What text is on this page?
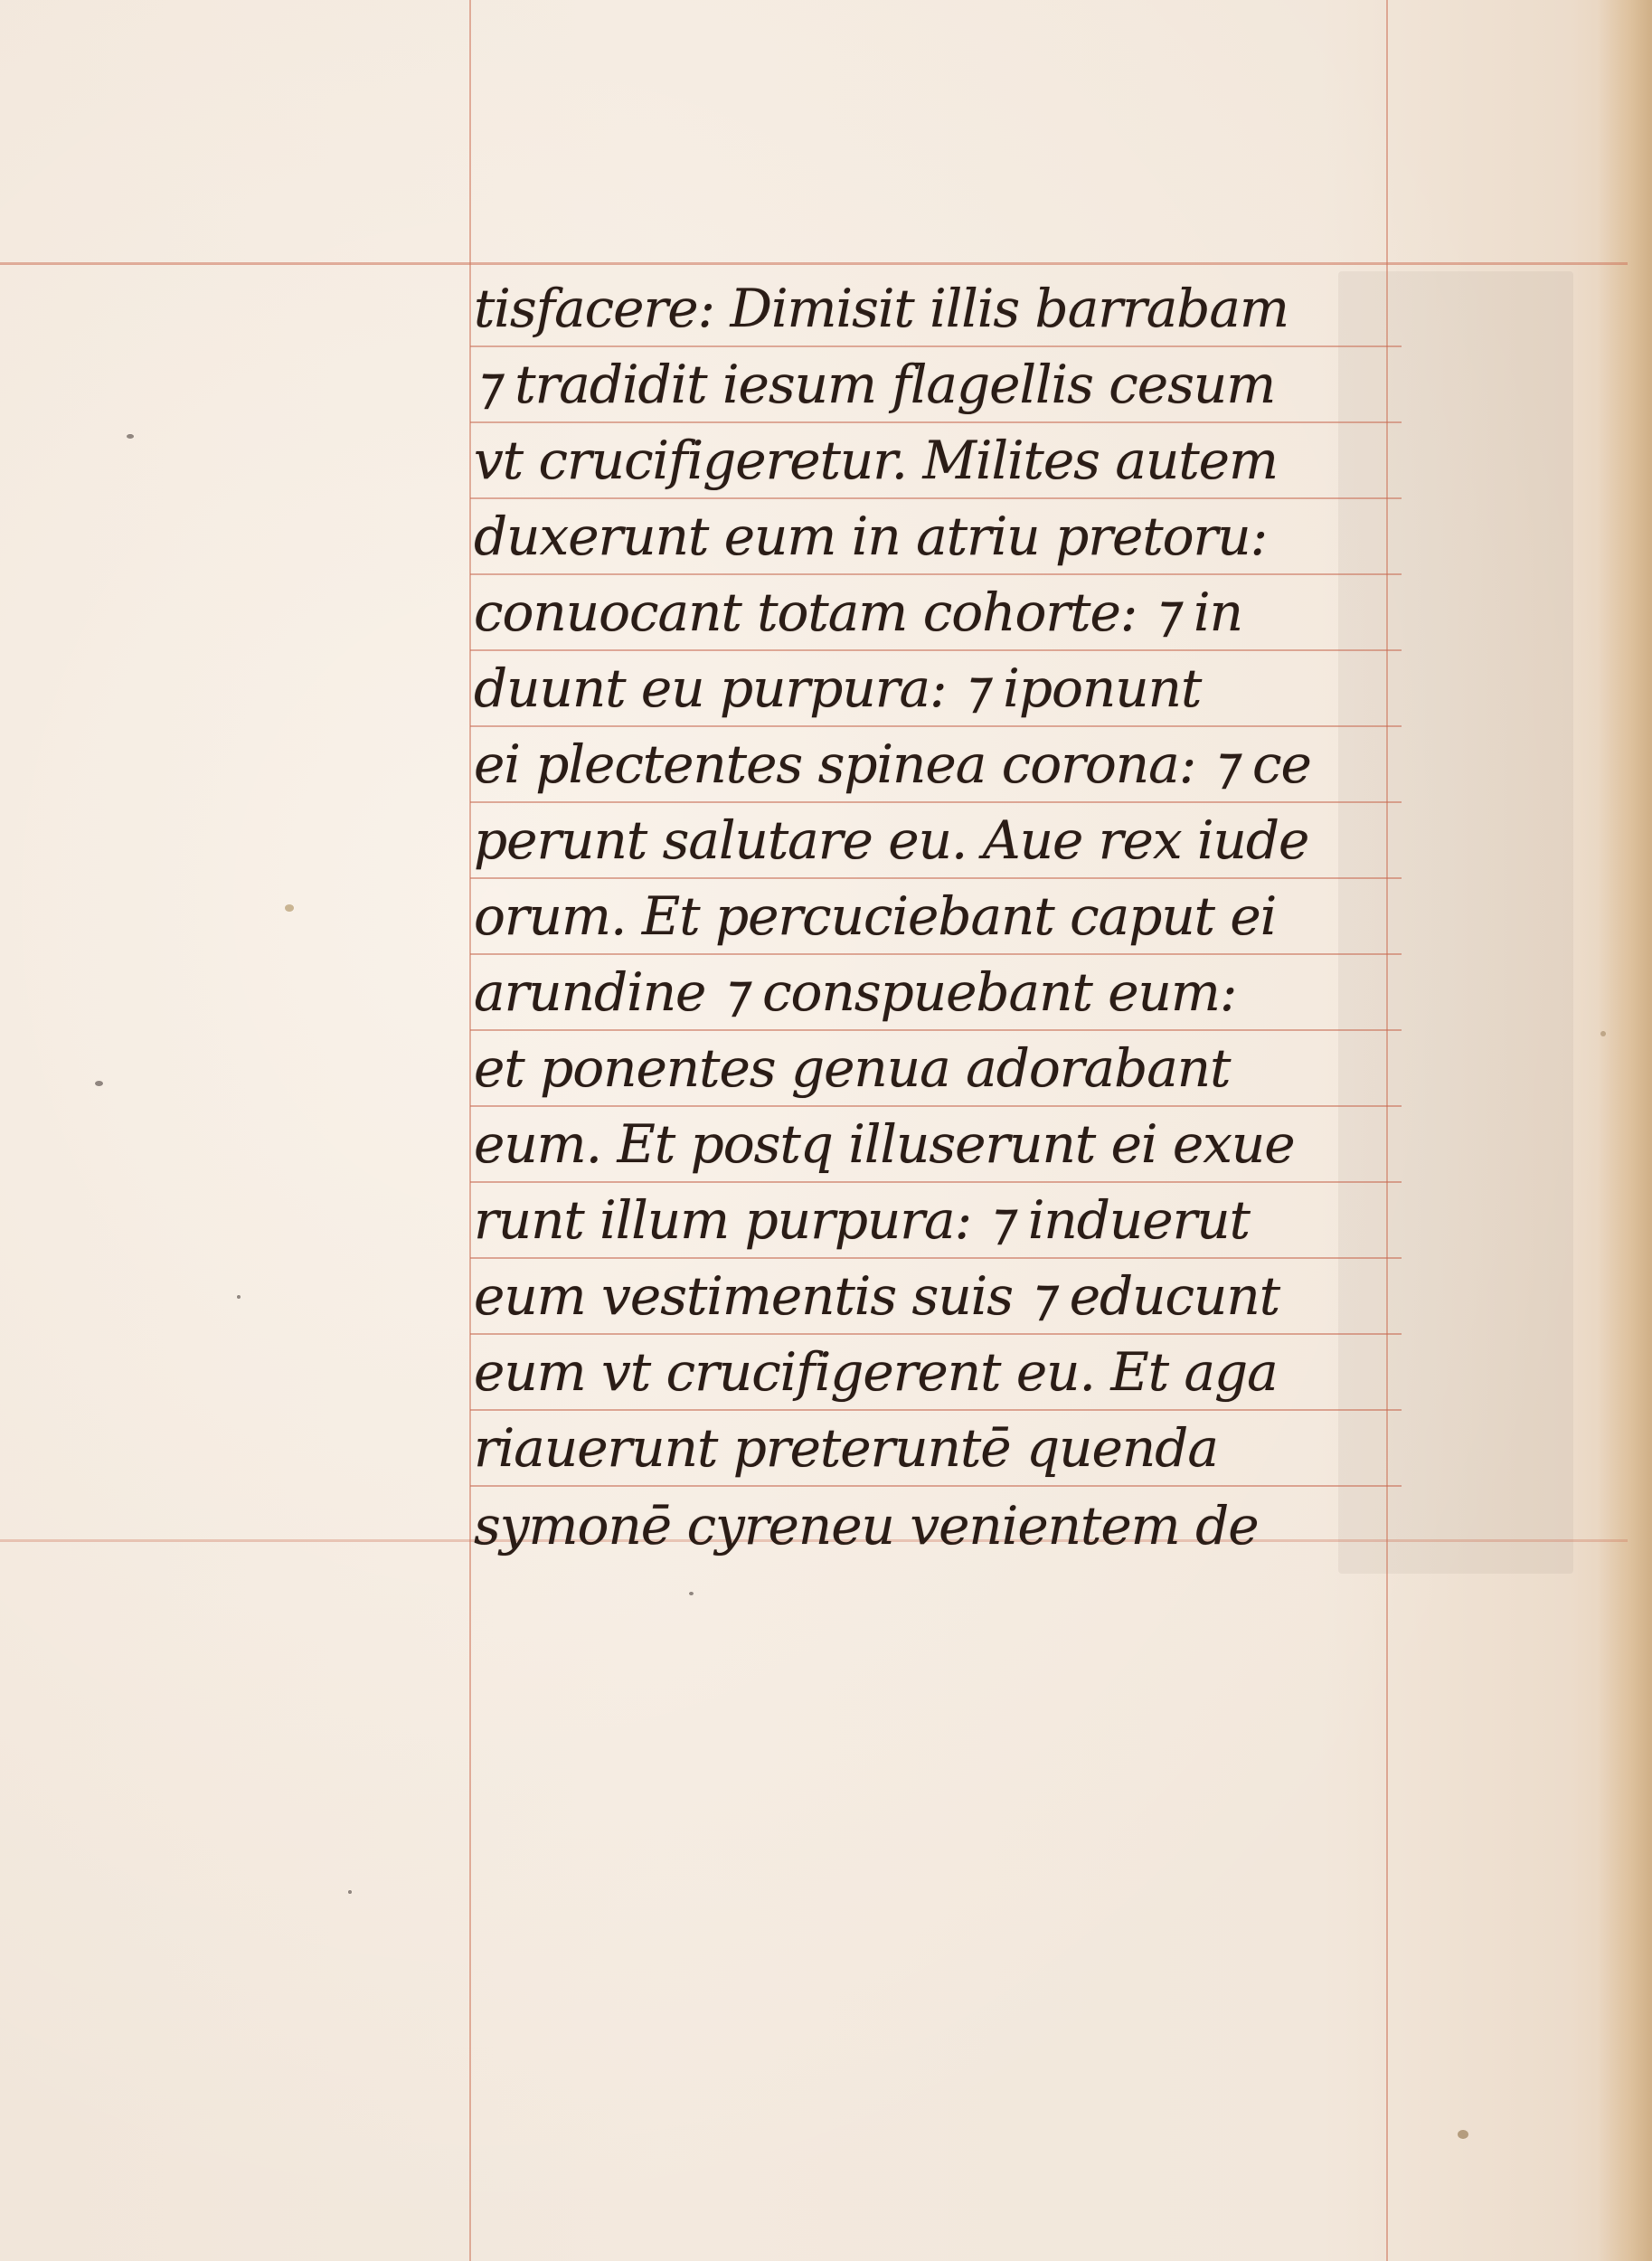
tisfacere: Dimisit illis barrabam
⁊ tradidit iesum flagellis cesum
vt crucifigeretur. Milites autem
duxerunt eum in atriu pretoru:
conuocant totam cohorte: ⁊ in
duunt eu purpura: ⁊ iponunt
ei plectentes spinea corona: ⁊ ce
perunt salutare eu. Aue rex iude
orum. Et percuciebant caput ei
arundine ⁊ conspuebant eum:
et ponentes genua adorabant
eum. Et postq illuserunt ei exue
runt illum purpura: ⁊ induerut
eum vestimentis suis ⁊ educunt
eum vt crucifigerent eu. Et aga
riauerunt preteruntē quenda
symonē cyreneu venientem de
